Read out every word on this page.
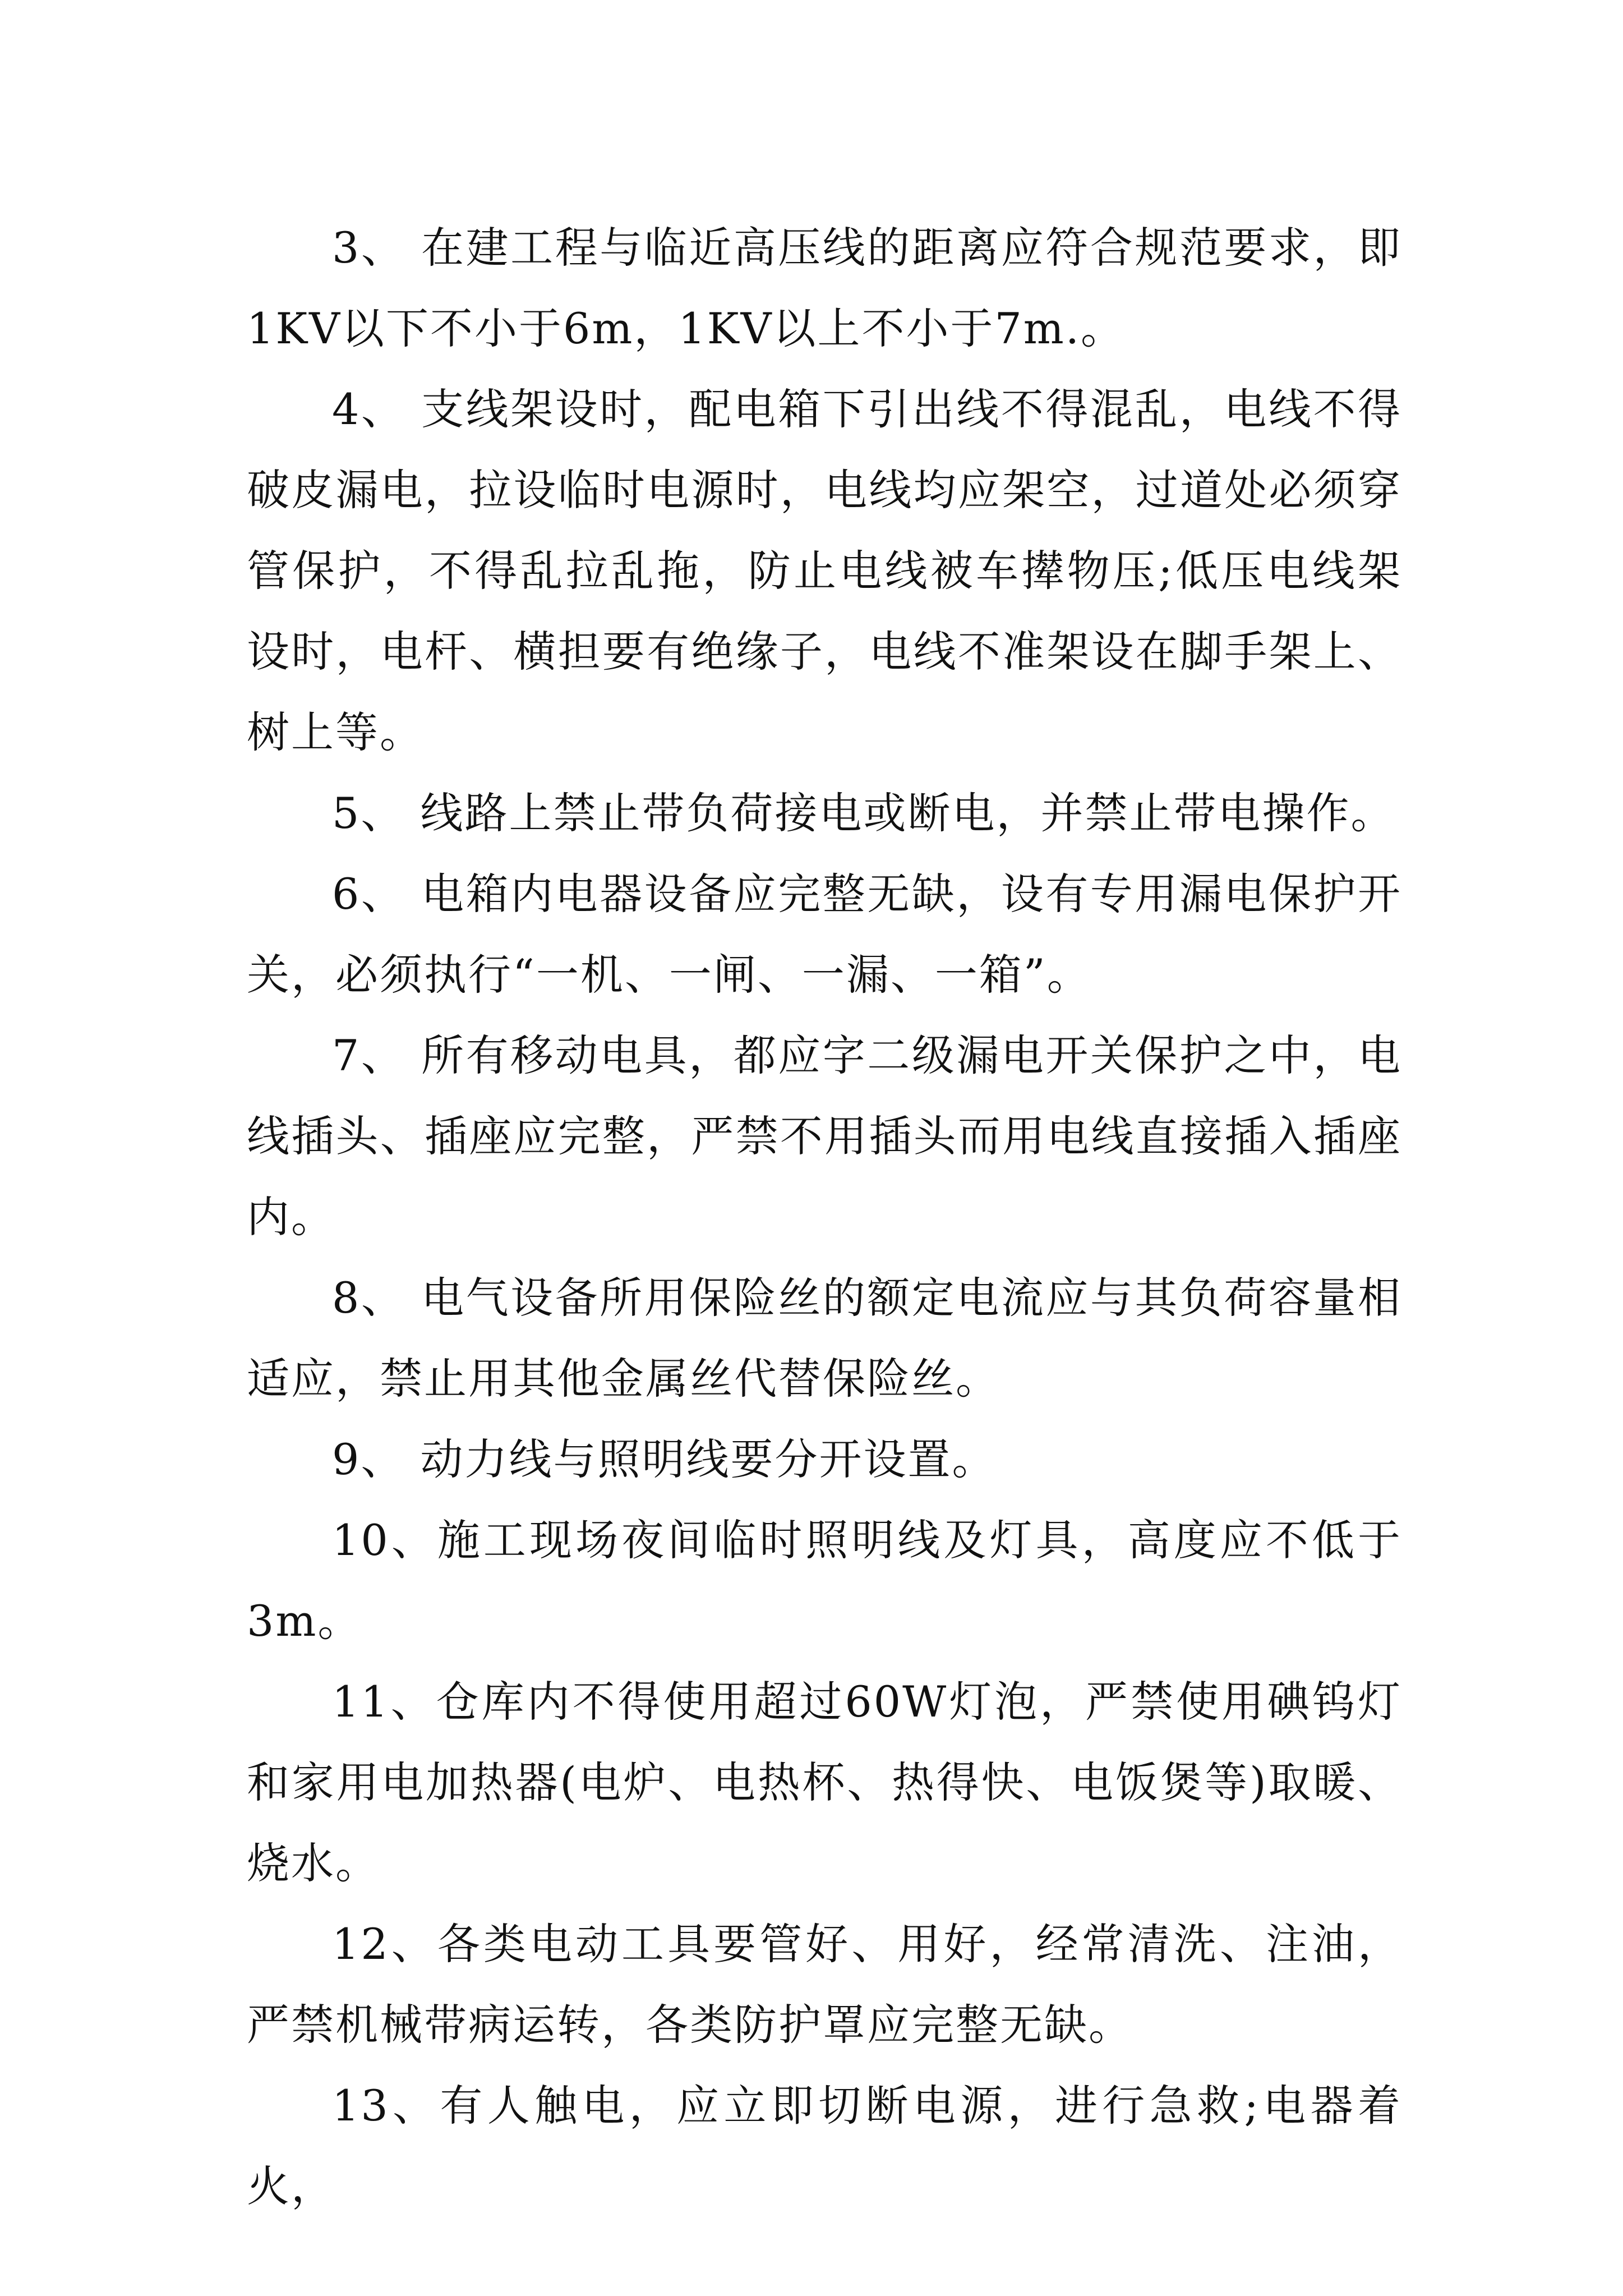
3、 在建工程与临近高压线的距离应符合规范要求，即1KV以下不小于6m，1KV以上不小于7m.。

4、 支线架设时，配电箱下引出线不得混乱，电线不得破皮漏电，拉设临时电源时，电线均应架空，过道处必须穿管保护，不得乱拉乱拖，防止电线被车撵物压;低压电线架设时，电杆、横担要有绝缘子，电线不准架设在脚手架上、树上等。

5、 线路上禁止带负荷接电或断电，并禁止带电操作。

6、 电箱内电器设备应完整无缺，设有专用漏电保护开关，必须执行“一机、一闸、一漏、一箱”。

7、 所有移动电具，都应字二级漏电开关保护之中，电线插头、插座应完整，严禁不用插头而用电线直接插入插座内。

8、 电气设备所用保险丝的额定电流应与其负荷容量相适应，禁止用其他金属丝代替保险丝。

9、 动力线与照明线要分开设置。

10、施工现场夜间临时照明线及灯具，高度应不低于3m。

11、仓库内不得使用超过60W灯泡，严禁使用碘钨灯和家用电加热器(电炉、电热杯、热得快、电饭煲等)取暖、烧水。

12、各类电动工具要管好、用好，经常清洗、注油，严禁机械带病运转，各类防护罩应完整无缺。

13、有人触电，应立即切断电源，进行急救;电器着火，
